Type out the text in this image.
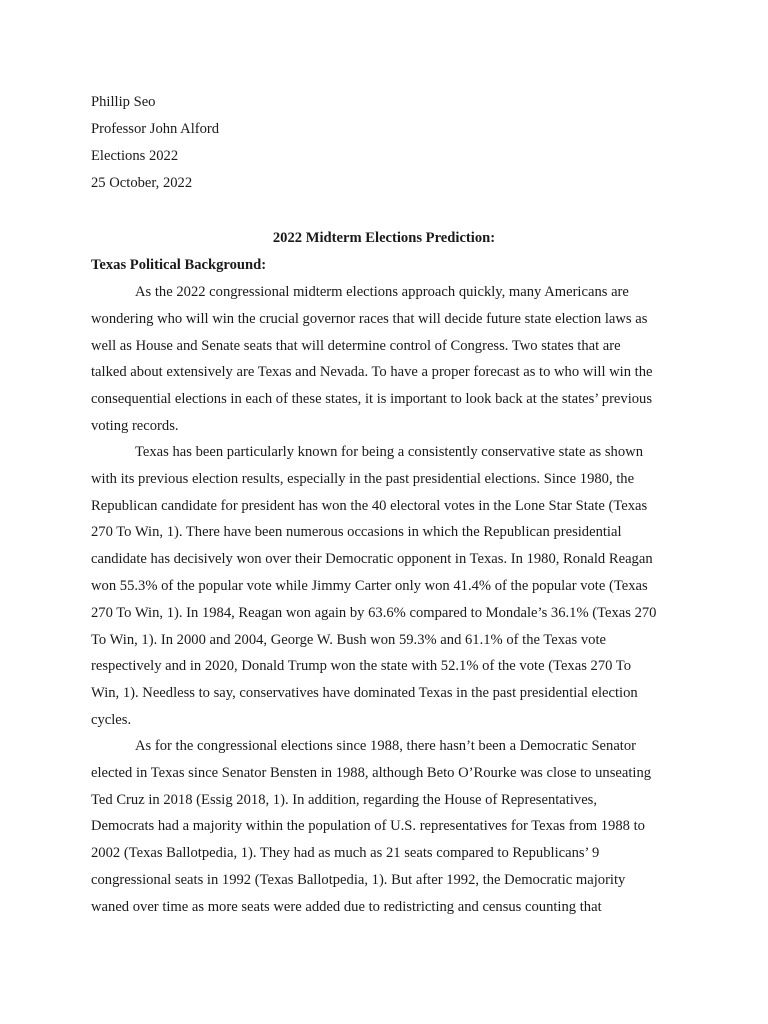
Phillip Seo
Professor John Alford
Elections 2022
25 October, 2022
2022 Midterm Elections Prediction:
Texas Political Background:
As the 2022 congressional midterm elections approach quickly, many Americans are
wondering who will win the crucial governor races that will decide future state election laws as
well as House and Senate seats that will determine control of Congress. Two states that are
talked about extensively are Texas and Nevada. To have a proper forecast as to who will win the
consequential elections in each of these states, it is important to look back at the states’ previous
voting records.
Texas has been particularly known for being a consistently conservative state as shown
with its previous election results, especially in the past presidential elections. Since 1980, the
Republican candidate for president has won the 40 electoral votes in the Lone Star State (Texas
270 To Win, 1). There have been numerous occasions in which the Republican presidential
candidate has decisively won over their Democratic opponent in Texas. In 1980, Ronald Reagan
won 55.3% of the popular vote while Jimmy Carter only won 41.4% of the popular vote (Texas
270 To Win, 1). In 1984, Reagan won again by 63.6% compared to Mondale’s 36.1% (Texas 270
To Win, 1). In 2000 and 2004, George W. Bush won 59.3% and 61.1% of the Texas vote
respectively and in 2020, Donald Trump won the state with 52.1% of the vote (Texas 270 To
Win, 1). Needless to say, conservatives have dominated Texas in the past presidential election
cycles.
As for the congressional elections since 1988, there hasn’t been a Democratic Senator
elected in Texas since Senator Bensten in 1988, although Beto O’Rourke was close to unseating
Ted Cruz in 2018 (Essig 2018, 1). In addition, regarding the House of Representatives,
Democrats had a majority within the population of U.S. representatives for Texas from 1988 to
2002 (Texas Ballotpedia, 1). They had as much as 21 seats compared to Republicans’ 9
congressional seats in 1992 (Texas Ballotpedia, 1). But after 1992, the Democratic majority
waned over time as more seats were added due to redistricting and census counting that
